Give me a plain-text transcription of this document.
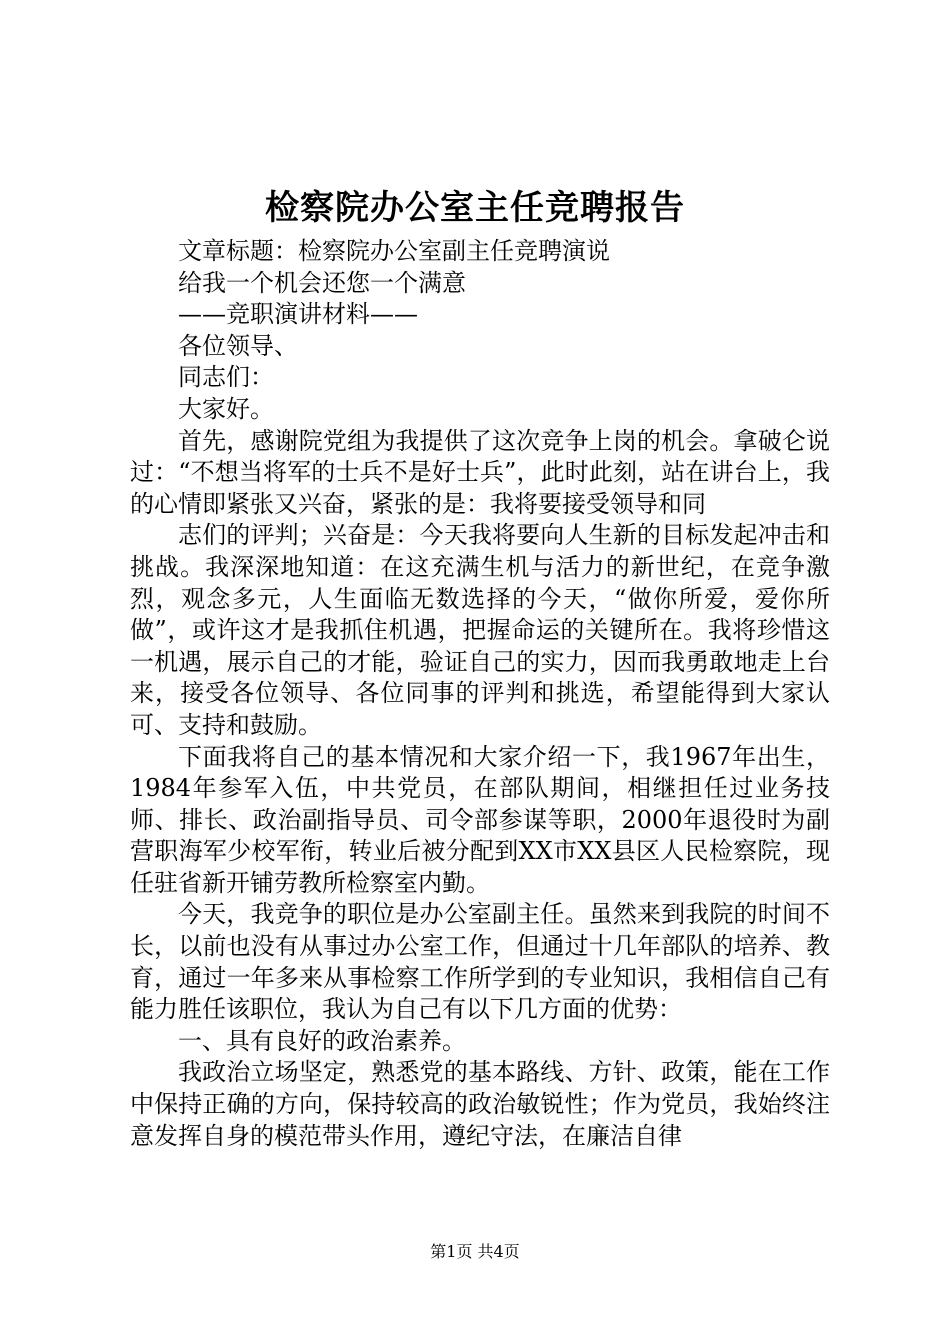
检察院办公室主任竞聘报告

文章标题：检察院办公室副主任竞聘演说

给我一个机会还您一个满意

——竞职演讲材料——

各位领导、

同志们：

大家好。

首先，感谢院党组为我提供了这次竞争上岗的机会。拿破仑说过：“不想当将军的士兵不是好士兵”，此时此刻，站在讲台上，我的心情即紧张又兴奋，紧张的是：我将要接受领导和同

志们的评判；兴奋是：今天我将要向人生新的目标发起冲击和挑战。我深深地知道：在这充满生机与活力的新世纪，在竞争激烈，观念多元，人生面临无数选择的今天，“做你所爱，爱你所做”，或许这才是我抓住机遇，把握命运的关键所在。我将珍惜这一机遇，展示自己的才能，验证自己的实力，因而我勇敢地走上台来，接受各位领导、各位同事的评判和挑选，希望能得到大家认可、支持和鼓励。

下面我将自己的基本情况和大家介绍一下，我1967年出生，1984年参军入伍，中共党员，在部队期间，相继担任过业务技师、排长、政治副指导员、司令部参谋等职，2000年退役时为副营职海军少校军衔，转业后被分配到XX市XX县区人民检察院，现任驻省新开铺劳教所检察室内勤。

今天，我竞争的职位是办公室副主任。虽然来到我院的时间不长，以前也没有从事过办公室工作，但通过十几年部队的培养、教育，通过一年多来从事检察工作所学到的专业知识，我相信自己有能力胜任该职位，我认为自己有以下几方面的优势：

一、具有良好的政治素养。

我政治立场坚定，熟悉党的基本路线、方针、政策，能在工作中保持正确的方向，保持较高的政治敏锐性；作为党员，我始终注意发挥自身的模范带头作用，遵纪守法，在廉洁自律

第1页 共4页
